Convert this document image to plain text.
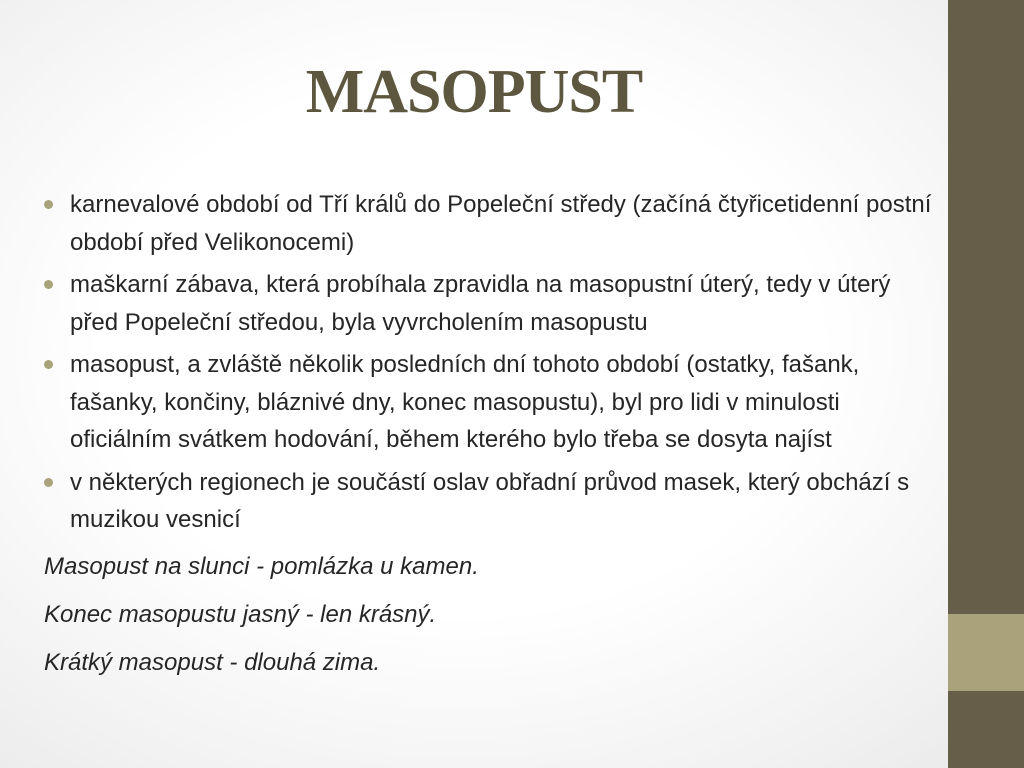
MASOPUST
karnevalové období od Tří králů do Popeleční středy (začíná čtyřicetidenní postní období před Velikonocemi)
maškarní zábava, která probíhala zpravidla na masopustní úterý, tedy v úterý před Popeleční středou, byla vyvrcholením masopustu
masopust, a zvláště několik posledních dní tohoto období (ostatky, fašank, fašanky, končiny, bláznivé dny, konec masopustu), byl pro lidi v minulosti oficiálním svátkem hodování, během kterého bylo třeba se dosyta najíst
v některých regionech je součástí oslav obřadní průvod masek, který obchází s muzikou vesnicí

Masopust na slunci - pomlázka u kamen.

Konec masopustu jasný - len krásný.

Krátký masopust - dlouhá zima.
